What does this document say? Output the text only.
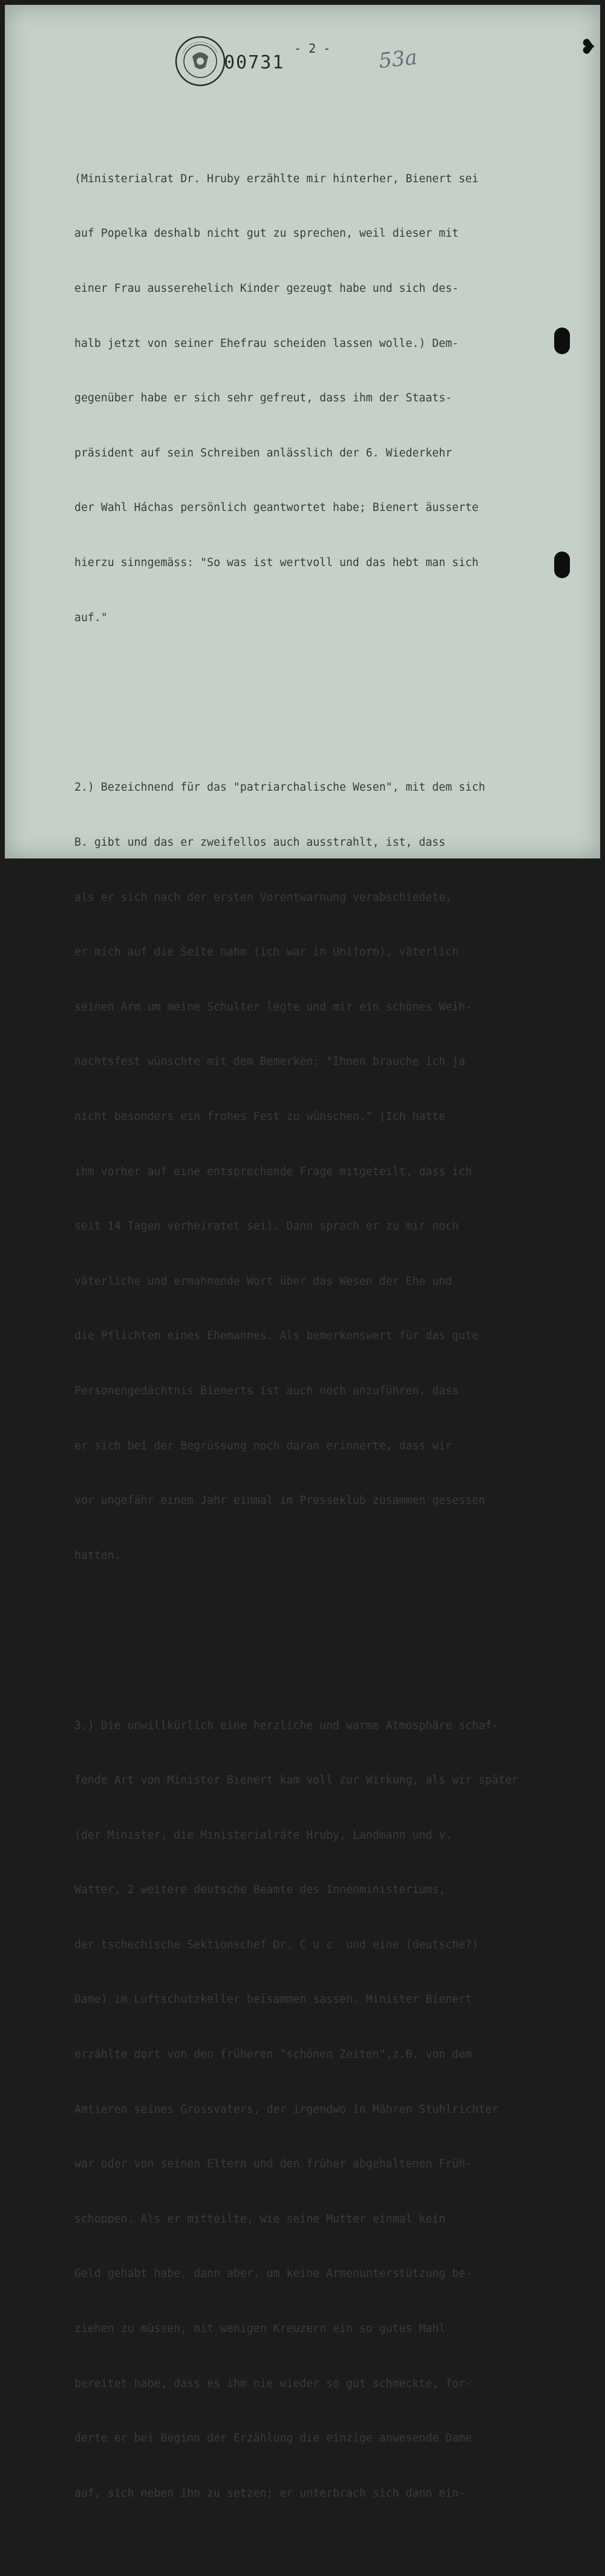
- 2 -
00731	53a	❥

(Ministerialrat Dr. Hruby erzählte mir hinterher, Bienert sei

auf Popelka deshalb nicht gut zu sprechen, weil dieser mit

einer Frau ausserehelich Kinder gezeugt habe und sich des-

halb jetzt von seiner Ehefrau scheiden lassen wolle.) Dem-

gegenüber habe er sich sehr gefreut, dass ihm der Staats-

präsident auf sein Schreiben anlässlich der 6. Wiederkehr

der Wahl Háchas persönlich geantwortet habe; Bienert äusserte

hierzu sinngemäss: "So was ist wertvoll und das hebt man sich

auf."

2.) Bezeichnend für das "patriarchalische Wesen", mit dem sich

B. gibt und das er zweifellos auch ausstrahlt, ist, dass

als er sich nach der ersten Vorentwarnung verabschiedete,

er mich auf die Seite nahm (ich war in Uniform), väterlich

seinen Arm um meine Schulter legte und mir ein schönes Weih-

nachtsfest wünschte mit dem Bemerken: "Ihnen brauche ich ja

nicht besonders ein frohes Fest zu wünschen." (Ich hatte

ihm vorher auf eine entsprechende Frage mitgeteilt, dass ich

seit 14 Tagen verheiratet sei). Dann sprach er zu mir noch

väterliche und ermahnende Wort über das Wesen der Ehe und

die Pflichten eines Ehemannes. Als bemerkenswert für das gute

Personengedächtnis Bienerts ist auch noch anzuführen, dass

er sich bei der Begrüssung noch daran erinnerte, dass wir

vor ungefähr einem Jahr einmal im Presseklub zusammen gesessen

hatten.

3.) Die unwillkürlich eine herzliche und warme Atmosphäre schaf-

fende Art von Minister Bienert kam voll zur Wirkung, als wir später

(der Minister, die Ministerialräte Hruby, Landmann und v.

Watter, 2 weitere deutsche Beamte des Innenministeriums,

der tschechische Sektionschef Dr. C u c  und eine (deutsche?)

Dame) im Luftschutzkeller beisammen sassen. Minister Bienert

erzählte dort von den früheren "schönen Zeiten",z.B. von dem

Amtieren seines Grossvaters, der irgendwo in Mähren Stuhlrichter

war oder von seinen Eltern und den früher abgehaltenen Früh-

schoppen. Als er mitteilte, wie seine Mutter einmal kein

Geld gehabt habe, dann aber, um keine Armenunterstützung be-

ziehen zu müssen, mit wenigen Kreuzern ein so gutes Mahl

bereitet habe, dass es ihm nie wieder so gut schmeckte, for-

derte er bei Beginn der Erzählung die einzige anwesende Dame

auf, sich neben ihn zu setzen; er unterbrach sich dann ein-
